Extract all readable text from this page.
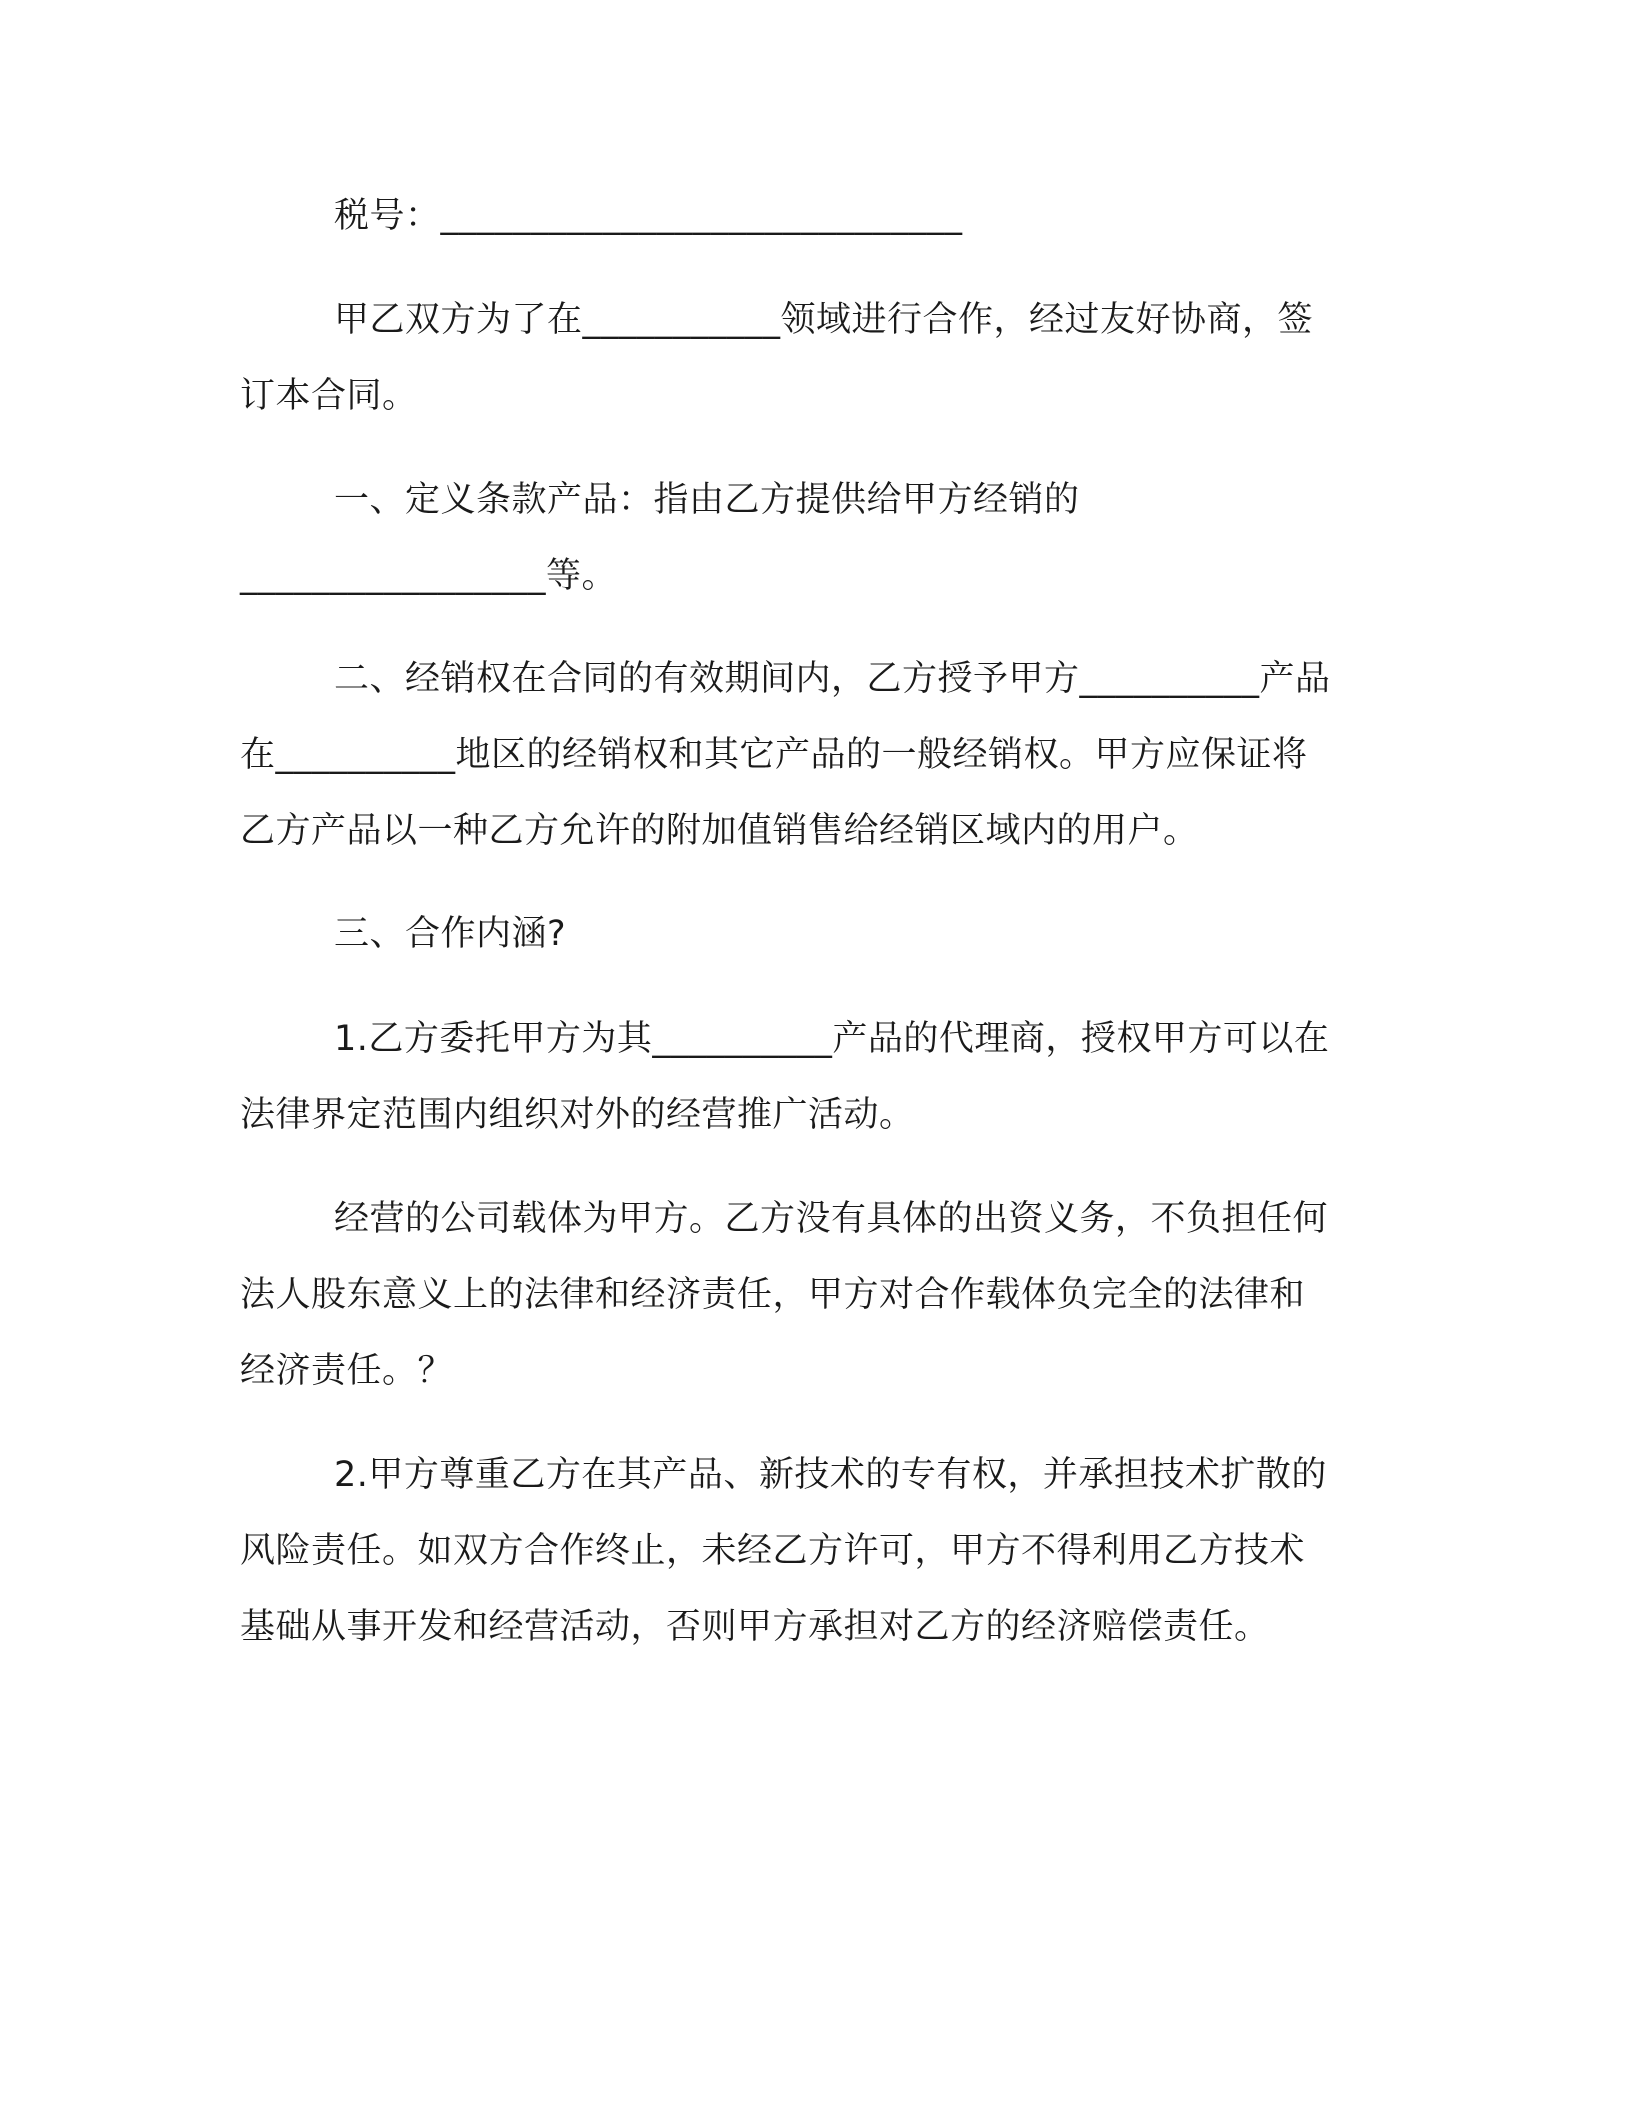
税号：_____________________________

甲乙双方为了在___________领域进行合作，经过友好协商，签
订本合同。

一、定义条款产品：指由乙方提供给甲方经销的
_________________等。

二、经销权在合同的有效期间内，乙方授予甲方__________产品
在__________地区的经销权和其它产品的一般经销权。甲方应保证将
乙方产品以一种乙方允许的附加值销售给经销区域内的用户。

三、合作内涵?

1.乙方委托甲方为其__________产品的代理商，授权甲方可以在
法律界定范围内组织对外的经营推广活动。

经营的公司载体为甲方。乙方没有具体的出资义务，不负担任何
法人股东意义上的法律和经济责任，甲方对合作载体负完全的法律和
经济责任。？

2.甲方尊重乙方在其产品、新技术的专有权，并承担技术扩散的
风险责任。如双方合作终止，未经乙方许可，甲方不得利用乙方技术
基础从事开发和经营活动，否则甲方承担对乙方的经济赔偿责任。
